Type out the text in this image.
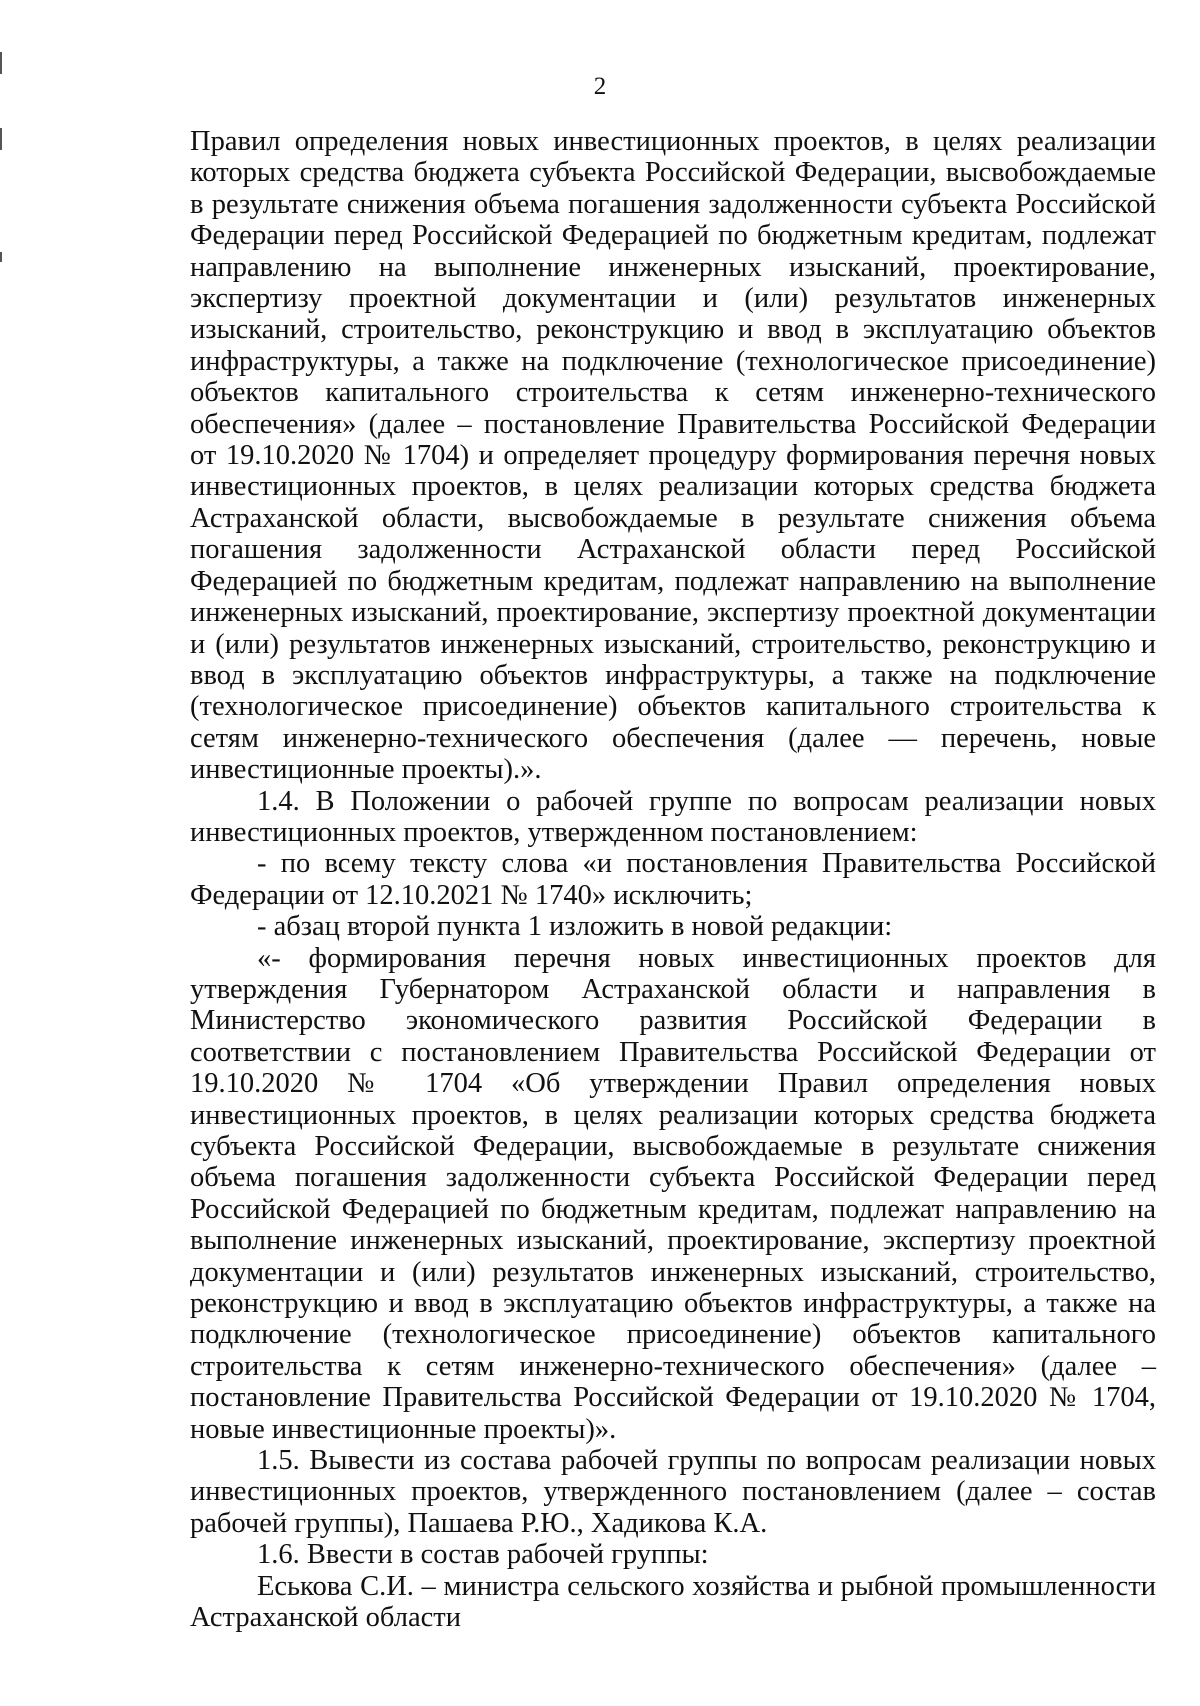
2

Правил определения новых инвестиционных проектов, в целях реализации которых средства бюджета субъекта Российской Федерации, высвобождаемые в результате снижения объема погашения задолженности субъекта Российской Федерации перед Российской Федерацией по бюджетным кредитам, подлежат направлению на выполнение инженерных изысканий, проектирование, экспертизу проектной документации и (или) результатов инженерных изысканий, строительство, реконструкцию и ввод в эксплуатацию объектов инфраструктуры, а также на подключение (технологическое присоединение) объектов капитального строительства к сетям инженерно-технического обеспечения» (далее – постановление Правительства Российской Федерации от 19.10.2020 № 1704) и определяет процедуру формирования перечня новых инвестиционных проектов, в целях реализации которых средства бюджета Астраханской области, высвобождаемые в результате снижения объема погашения задолженности Астраханской области перед Российской Федерацией по бюджетным кредитам, подлежат направлению на выполнение инженерных изысканий, проектирование, экспертизу проектной документации и (или) результатов инженерных изысканий, строительство, реконструкцию и ввод в эксплуатацию объектов инфраструктуры, а также на подключение (технологическое присоединение) объектов капитального строительства к сетям инженерно-технического обеспечения (далее — перечень, новые инвестиционные проекты).».

1.4. В Положении о рабочей группе по вопросам реализации новых инвестиционных проектов, утвержденном постановлением:

- по всему тексту слова «и постановления Правительства Российской Федерации от 12.10.2021 № 1740» исключить;

- абзац второй пункта 1 изложить в новой редакции:

«- формирования перечня новых инвестиционных проектов для утверждения Губернатором Астраханской области и направления в Министерство экономического развития Российской Федерации в соответствии с постановлением Правительства Российской Федерации от 19.10.2020 № 1704 «Об утверждении Правил определения новых инвестиционных проектов, в целях реализации которых средства бюджета субъекта Российской Федерации, высвобождаемые в результате снижения объема погашения задолженности субъекта Российской Федерации перед Российской Федерацией по бюджетным кредитам, подлежат направлению на выполнение инженерных изысканий, проектирование, экспертизу проектной документации и (или) результатов инженерных изысканий, строительство, реконструкцию и ввод в эксплуатацию объектов инфраструктуры, а также на подключение (технологическое присоединение) объектов капитального строительства к сетям инженерно-технического обеспечения» (далее – постановление Правительства Российской Федерации от 19.10.2020 № 1704, новые инвестиционные проекты)».

1.5. Вывести из состава рабочей группы по вопросам реализации новых инвестиционных проектов, утвержденного постановлением (далее – состав рабочей группы), Пашаева Р.Ю., Хадикова К.А.

1.6. Ввести в состав рабочей группы:

Еськова С.И. – министра сельского хозяйства и рыбной промышленности Астраханской области
